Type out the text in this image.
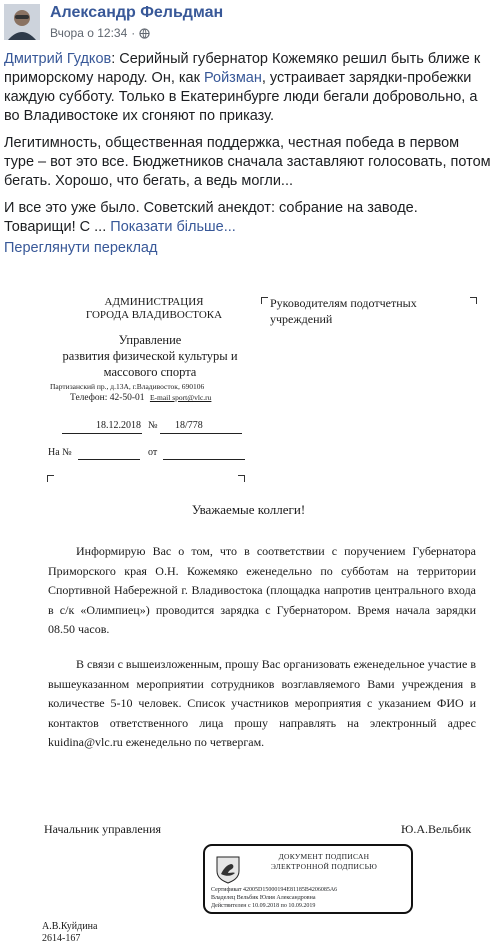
Александр Фельдман
Вчора о 12:34 ·

Дмитрий Гудков: Серийный губернатор Кожемяко решил быть ближе к приморскому народу. Он, как Ройзман, устраивает зарядки-пробежки каждую субботу. Только в Екатеринбурге люди бегали добровольно, а во Владивостоке их сгоняют по приказу.

Легитимность, общественная поддержка, честная победа в первом туре – вот это все. Бюджетников сначала заставляют голосовать, потом бегать. Хорошо, что бегать, а ведь могли...

И все это уже было. Советский анекдот: собрание на заводе. Товарищи! С ... Показати більше...

Переглянути переклад
АДМИНИСТРАЦИЯ
ГОРОДА ВЛАДИВОСТОКА
Управление
развития физической культуры и
массового спорта
Партизанский пр., д.13А, г.Владивосток, 690106
Телефон: 42-50-01 E-mail sport@vlc.ru
18.12.2018 № 18/778
На №	от
Руководителям подотчетных
учреждений
Уважаемые коллеги!
Информирую Вас о том, что в соответствии с поручением Губернатора Приморского края О.Н. Кожемяко еженедельно по субботам на территории Спортивной Набережной г. Владивостока (площадка напротив центрального входа в с/к «Олимпиец») проводится зарядка с Губернатором. Время начала зарядки 08.50 часов.
В связи с вышеизложенным, прошу Вас организовать еженедельное участие в вышеуказанном мероприятии сотрудников возглавляемого Вами учреждения в количестве 5-10 человек. Список участников мероприятия с указанием ФИО и контактов ответственного лица прошу направлять на электронный адрес kuidina@vlc.ru еженедельно по четвергам.
Начальник управления	Ю.А.Вельбик
А.В.Куйдина
2614-167
ДОКУМЕНТ ПОДПИСАН
ЭЛЕКТРОННОЙ ПОДПИСЬЮ
Сертификат 42005D15000194E81185B4206085A6
Владелец Вельбик Юлия Александровна
Действителен с 10.09.2018 по 10.09.2019
